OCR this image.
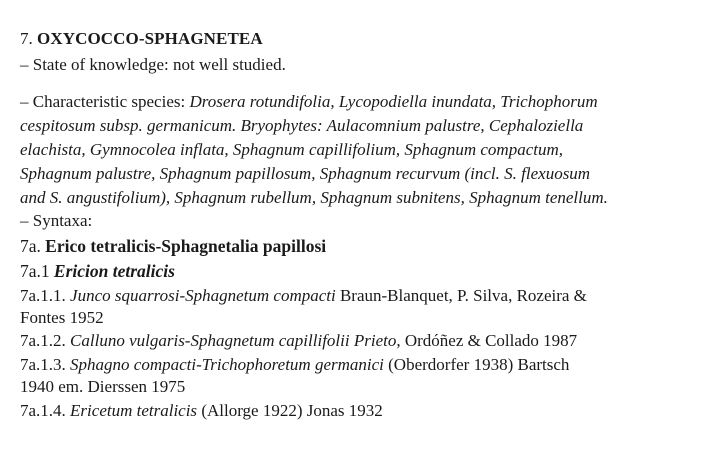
7. OXYCOCCO-SPHAGNETEA
– State of knowledge: not well studied.
– Characteristic species: Drosera rotundifolia, Lycopodiella inundata, Trichophorum
cespitosum subsp. germanicum. Bryophytes: Aulacomnium palustre, Cephaloziella
elachista, Gymnocolea inflata, Sphagnum capillifolium, Sphagnum compactum,
Sphagnum palustre, Sphagnum papillosum, Sphagnum recurvum (incl. S. flexuosum
and S. angustifolium), Sphagnum rubellum, Sphagnum subnitens, Sphagnum tenellum.
– Syntaxa:
7a. Erico tetralicis-Sphagnetalia papillosi
7a.1 Ericion tetralicis
7a.1.1. Junco squarrosi-Sphagnetum compacti Braun-Blanquet, P. Silva, Rozeira &
Fontes 1952
7a.1.2. Calluno vulgaris-Sphagnetum capillifolii Prieto, Ordóñez & Collado 1987
7a.1.3. Sphagno compacti-Trichophoretum germanici (Oberdorfer 1938) Bartsch
1940 em. Dierssen 1975
7a.1.4. Ericetum tetralicis (Allorge 1922) Jonas 1932
